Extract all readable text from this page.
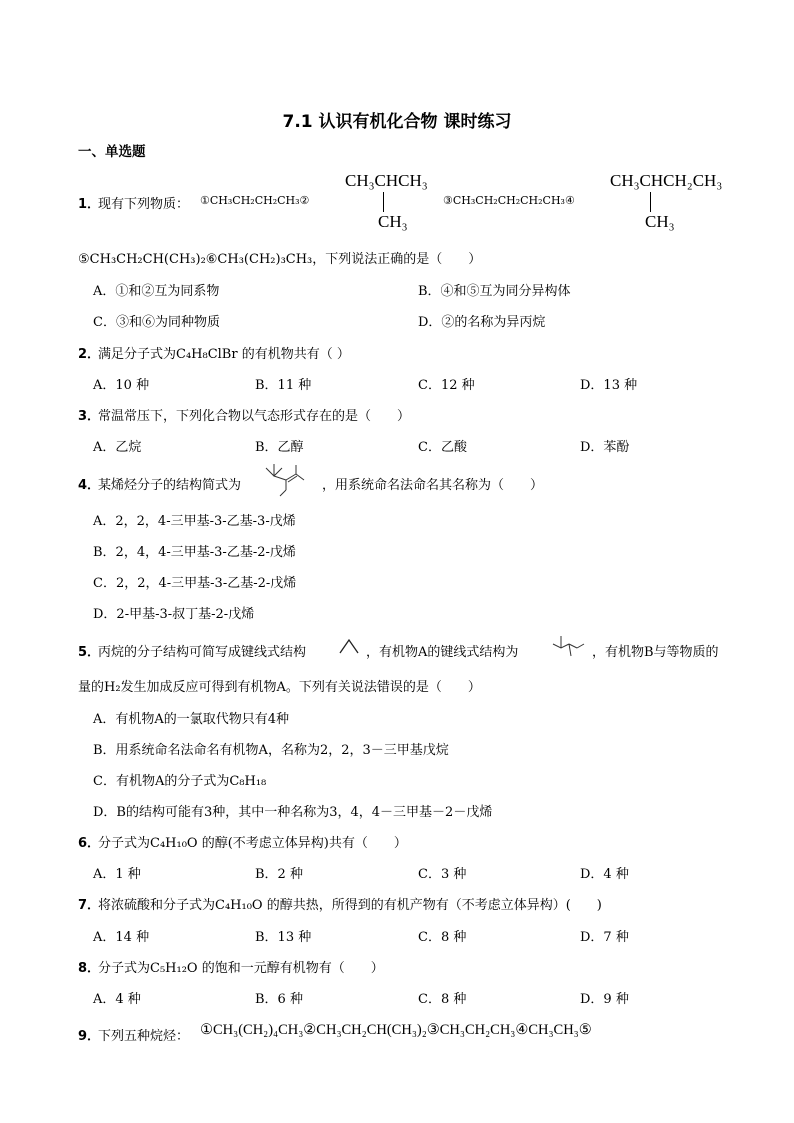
7.1 认识有机化合物 课时练习
一、单选题
1．
现有下列物质： ①CH₃CH₂CH₂CH₃②
CH₃CHCH₃
CH₃
③CH₃CH₂CH₂CH₂CH₃④
CH₃CHCH₂CH₃
CH₃
⑤CH₃CH₂CH(CH₃)₂⑥CH₃(CH₂)₃CH₃，下列说法正确的是（　　）
A．①和②互为同系物	B．④和⑤互为同分异构体
C．③和⑥为同种物质	D．②的名称为异丙烷
2．
满足分子式为C₄H₈ClBr 的有机物共有（ ）
A．10 种	B．11 种	C．12 种	D．13 种
3．
常温常压下，下列化合物以气态形式存在的是（　　）
A．乙烷	B．乙醇	C．乙酸	D．苯酚
4．
某烯烃分子的结构简式为	，用系统命名法命名其名称为（　　）
A．2，2，4-三甲基-3-乙基-3-戊烯
B．2，4，4-三甲基-3-乙基-2-戊烯
C．2，2，4-三甲基-3-乙基-2-戊烯
D．2-甲基-3-叔丁基-2-戊烯
5．
丙烷的分子结构可简写成键线式结构	，有机物A的键线式结构为	，有机物B与等物质的
量的H₂发生加成反应可得到有机物A。下列有关说法错误的是（　　）
A．有机物A的一氯取代物只有4种
B．用系统命名法命名有机物A，名称为2，2，3－三甲基戊烷
C．有机物A的分子式为C₈H₁₈
D．B的结构可能有3种，其中一种名称为3，4，4－三甲基－2－戊烯
6．
分子式为C₄H₁₀O 的醇(不考虑立体异构)共有（　　）
A．1 种	B．2 种	C．3 种	D．4 种
7．
将浓硫酸和分子式为C₄H₁₀O 的醇共热，所得到的有机产物有（不考虑立体异构）(　　)
A．14 种	B．13 种	C．8 种	D．7 种
8．
分子式为C₅H₁₂O 的饱和一元醇有机物有（　　）
A．4 种	B．6 种	C．8 种	D．9 种
9．
下列五种烷烃： ①CH₃(CH₂)₄CH₃②CH₃CH₂CH(CH₃)₂③CH₃CH₂CH₃④CH₃CH₃⑤
